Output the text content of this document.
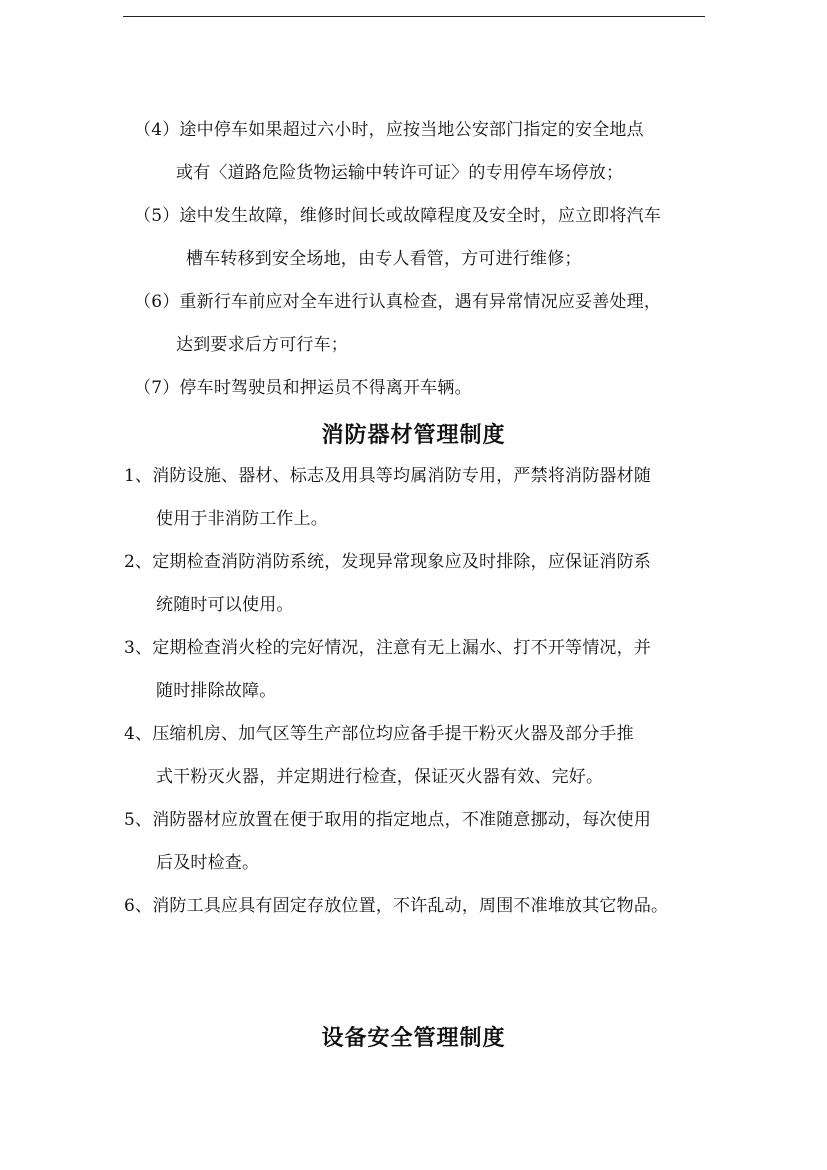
（4）途中停车如果超过六小时，应按当地公安部门指定的安全地点

或有〈道路危险货物运输中转许可证〉的专用停车场停放；

（5）途中发生故障，维修时间长或故障程度及安全时，应立即将汽车

槽车转移到安全场地，由专人看管，方可进行维修；

（6）重新行车前应对全车进行认真检查，遇有异常情况应妥善处理，

达到要求后方可行车；

（7）停车时驾驶员和押运员不得离开车辆。

消防器材管理制度

1、消防设施、器材、标志及用具等均属消防专用，严禁将消防器材随

使用于非消防工作上。

2、定期检查消防消防系统，发现异常现象应及时排除，应保证消防系

统随时可以使用。

3、定期检查消火栓的完好情况，注意有无上漏水、打不开等情况，并

随时排除故障。

4、压缩机房、加气区等生产部位均应备手提干粉灭火器及部分手推

式干粉灭火器，并定期进行检查，保证灭火器有效、完好。

5、消防器材应放置在便于取用的指定地点，不准随意挪动，每次使用

后及时检查。

6、消防工具应具有固定存放位置，不许乱动，周围不准堆放其它物品。

设备安全管理制度
